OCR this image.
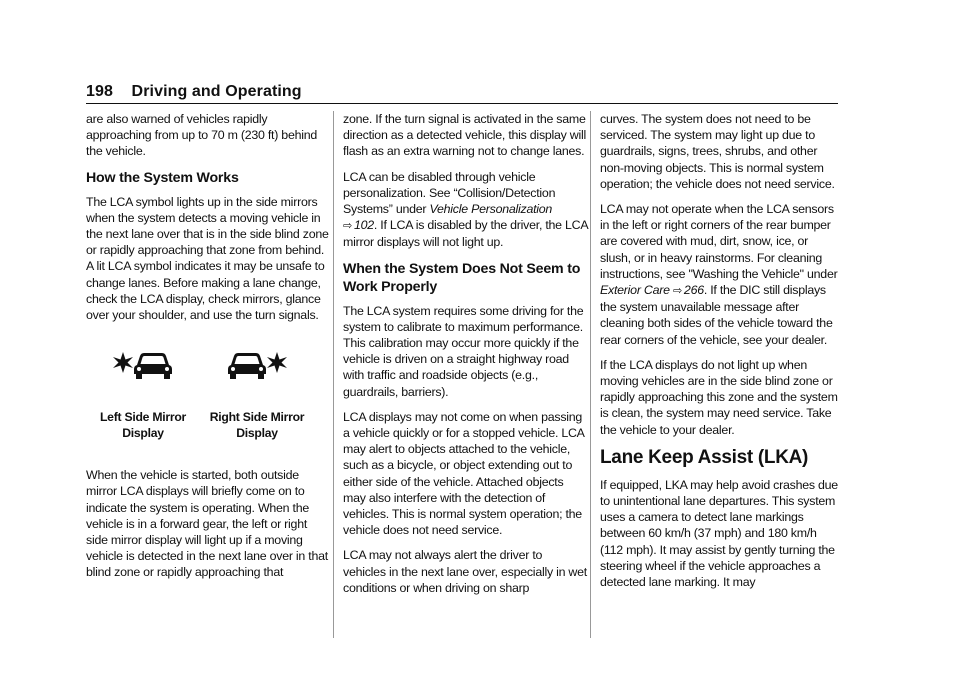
198 Driving and Operating

are also warned of vehicles rapidly approaching from up to 70 m (230 ft) behind the vehicle.

How the System Works

The LCA symbol lights up in the side mirrors when the system detects a moving vehicle in the next lane over that is in the side blind zone or rapidly approaching that zone from behind. A lit LCA symbol indicates it may be unsafe to change lanes. Before making a lane change, check the LCA display, check mirrors, glance over your shoulder, and use the turn signals.

Left Side Mirror Display
Right Side Mirror Display

When the vehicle is started, both outside mirror LCA displays will briefly come on to indicate the system is operating. When the vehicle is in a forward gear, the left or right side mirror display will light up if a moving vehicle is detected in the next lane over in that blind zone or rapidly approaching that

zone. If the turn signal is activated in the same direction as a detected vehicle, this display will flash as an extra warning not to change lanes.

LCA can be disabled through vehicle personalization. See “Collision/Detection Systems” under Vehicle Personalization
⇨ 102. If LCA is disabled by the driver, the LCA mirror displays will not light up.

When the System Does Not Seem to Work Properly

The LCA system requires some driving for the system to calibrate to maximum performance. This calibration may occur more quickly if the vehicle is driven on a straight highway road with traffic and roadside objects (e.g., guardrails, barriers).

LCA displays may not come on when passing a vehicle quickly or for a stopped vehicle. LCA may alert to objects attached to the vehicle, such as a bicycle, or object extending out to either side of the vehicle. Attached objects may also interfere with the detection of vehicles. This is normal system operation; the vehicle does not need service.

LCA may not always alert the driver to vehicles in the next lane over, especially in wet conditions or when driving on sharp

curves. The system does not need to be serviced. The system may light up due to guardrails, signs, trees, shrubs, and other non-moving objects. This is normal system operation; the vehicle does not need service.

LCA may not operate when the LCA sensors in the left or right corners of the rear bumper are covered with mud, dirt, snow, ice, or slush, or in heavy rainstorms. For cleaning instructions, see "Washing the Vehicle" under Exterior Care ⇨ 266. If the DIC still displays the system unavailable message after cleaning both sides of the vehicle toward the rear corners of the vehicle, see your dealer.

If the LCA displays do not light up when moving vehicles are in the side blind zone or rapidly approaching this zone and the system is clean, the system may need service. Take the vehicle to your dealer.

Lane Keep Assist (LKA)

If equipped, LKA may help avoid crashes due to unintentional lane departures. This system uses a camera to detect lane markings between 60 km/h (37 mph) and 180 km/h (112 mph). It may assist by gently turning the steering wheel if the vehicle approaches a detected lane marking. It may
